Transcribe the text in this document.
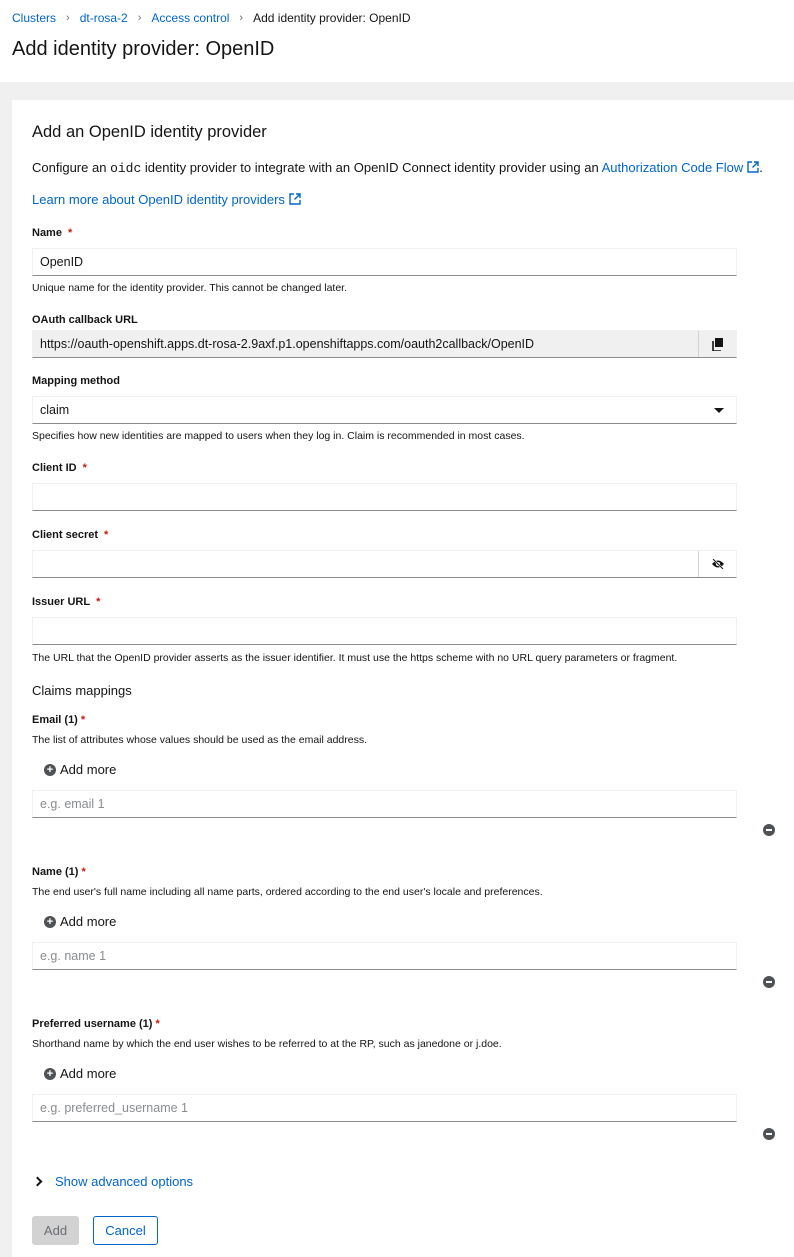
Clusters › dt-rosa-2 › Access control › Add identity provider: OpenID
Add identity provider: OpenID
Add an OpenID identity provider
Configure an oidc identity provider to integrate with an OpenID Connect identity provider using an Authorization Code Flow .
Learn more about OpenID identity providers
Name *
OpenID
Unique name for the identity provider. This cannot be changed later.
OAuth callback URL
https://oauth-openshift.apps.dt-rosa-2.9axf.p1.openshiftapps.com/oauth2callback/OpenID
Mapping method
claim
Specifies how new identities are mapped to users when they log in. Claim is recommended in most cases.
Client ID *
Client secret *
Issuer URL *
The URL that the OpenID provider asserts as the issuer identifier. It must use the https scheme with no URL query parameters or fragment.
Claims mappings
Email (1) *
The list of attributes whose values should be used as the email address.
+ Add more
e.g. email 1
Name (1) *
The end user's full name including all name parts, ordered according to the end user's locale and preferences.
+ Add more
e.g. name 1
Preferred username (1) *
Shorthand name by which the end user wishes to be referred to at the RP, such as janedone or j.doe.
+ Add more
e.g. preferred_username 1
Show advanced options
Add	Cancel
